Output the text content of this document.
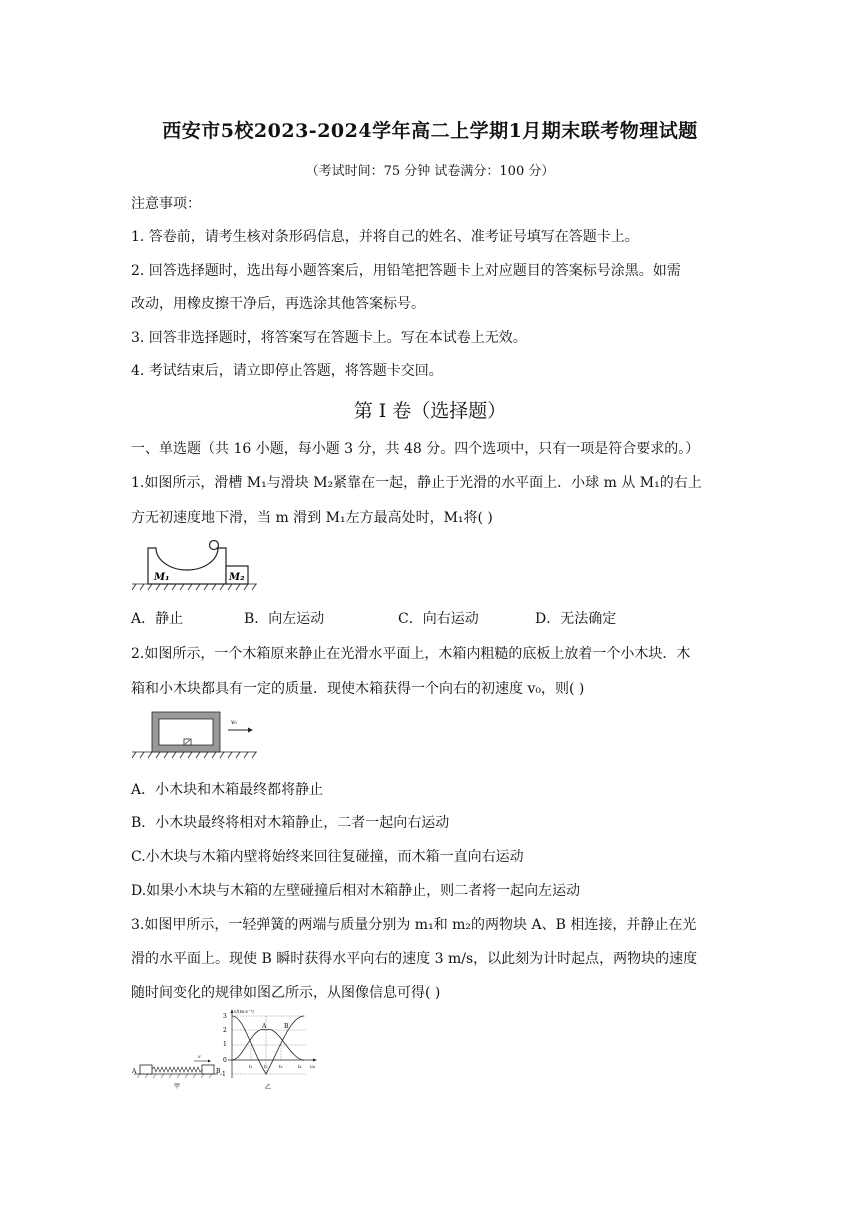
西安市5校2023-2024学年高二上学期1月期末联考物理试题
（考试时间：75 分钟 试卷满分：100 分）
注意事项：
1. 答卷前，请考生核对条形码信息，并将自己的姓名、准考证号填写在答题卡上。
2. 回答选择题时，选出每小题答案后，用铅笔把答题卡上对应题目的答案标号涂黑。如需
改动，用橡皮擦干净后，再选涂其他答案标号。
3. 回答非选择题时，将答案写在答题卡上。写在本试卷上无效。
4. 考试结束后，请立即停止答题，将答题卡交回。
第 I 卷（选择题）
一、单选题（共 16 小题，每小题 3 分，共 48 分。四个选项中，只有一项是符合要求的。）
1.如图所示，滑槽 M₁与滑块 M₂紧靠在一起，静止于光滑的水平面上．小球 m 从 M₁的右上
方无初速度地下滑，当 m 滑到 M₁左方最高处时，M₁将( )
M₁	M₂
A．静止	B．向左运动	C．向右运动	D．无法确定
2.如图所示，一个木箱原来静止在光滑水平面上，木箱内粗糙的底板上放着一个小木块．木
箱和小木块都具有一定的质量．现使木箱获得一个向右的初速度 v₀，则( )
v₀
A．小木块和木箱最终都将静止
B．小木块最终将相对木箱静止，二者一起向右运动
C.小木块与木箱内壁将始终来回往复碰撞，而木箱一直向右运动
D.如果小木块与木箱的左壁碰撞后相对木箱静止，则二者将一起向左运动
3.如图甲所示，一轻弹簧的两端与质量分别为 m₁和 m₂的两物块 A、B 相连接，并静止在光
滑的水平面上。现使 B 瞬时获得水平向右的速度 3 m/s，以此刻为计时起点，两物块的速度
随时间变化的规律如图乙所示，从图像信息可得( )
A	B
v
甲
v/(m·s⁻¹)
t/s
3
2
1
0
-1
A	B
t₁	t₂	t₃	t₄
乙
